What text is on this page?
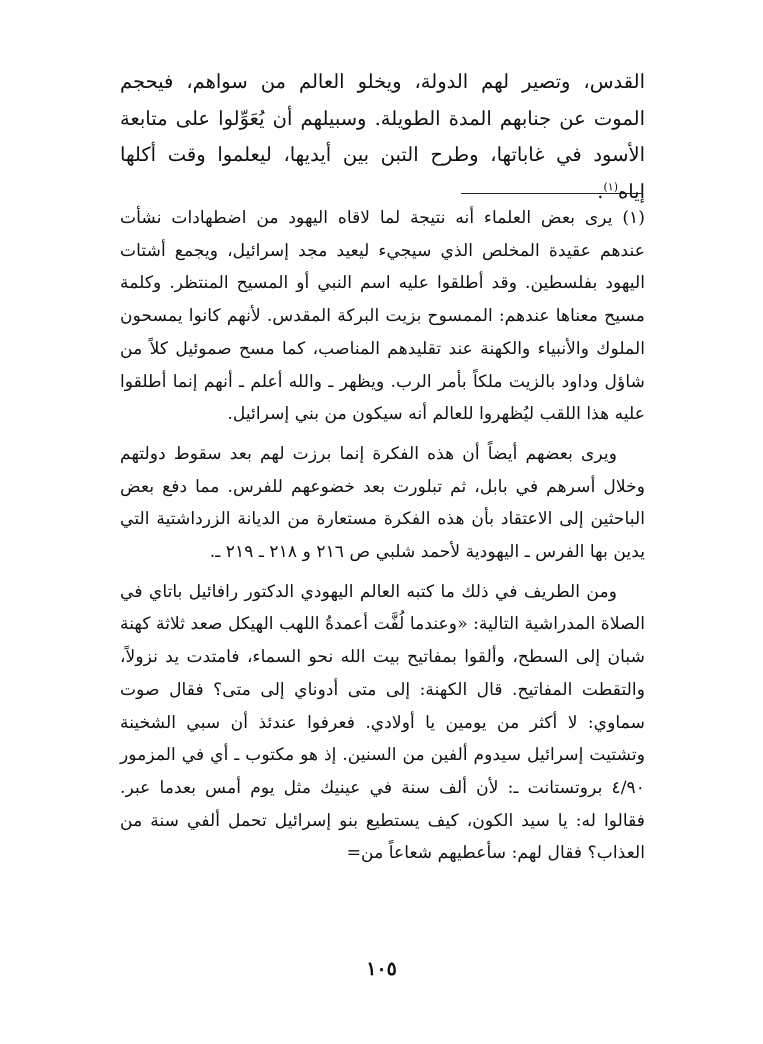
القدس، وتصير لهم الدولة، ويخلو العالم من سواهم، فيحجم الموت عن جنابهم المدة الطويلة. وسبيلهم أن يُعَوِّلوا على متابعة الأسود في غاباتها، وطرح التبن بين أيديها، ليعلموا وقت أكلها إياه$^{(١)}$.

(١) يرى بعض العلماء أنه نتيجة لما لاقاه اليهود من اضطهادات نشأت عندهم عقيدة المخلص الذي سيجيء ليعيد مجد إسرائيل، ويجمع أشتات اليهود بفلسطين. وقد أطلقوا عليه اسم النبي أو المسيح المنتظر. وكلمة مسيح معناها عندهم: الممسوح بزيت البركة المقدس. لأنهم كانوا يمسحون الملوك والأنبياء والكهنة عند تقليدهم المناصب، كما مسح صموئيل كلاً من شاؤل وداود بالزيت ملكاً بأمر الرب. ويظهر ـ والله أعلم ـ أنهم إنما أطلقوا عليه هذا اللقب ليُظهروا للعالم أنه سيكون من بني إسرائيل.

ويرى بعضهم أيضاً أن هذه الفكرة إنما برزت لهم بعد سقوط دولتهم وخلال أسرهم في بابل، ثم تبلورت بعد خضوعهم للفرس. مما دفع بعض الباحثين إلى الاعتقاد بأن هذه الفكرة مستعارة من الديانة الزرداشتية التي يدين بها الفرس ـ اليهودية لأحمد شلبي ص ٢١٦ و ٢١٨ ـ ٢١٩ ـ.

ومن الطريف في ذلك ما كتبه العالم اليهودي الدكتور رافائيل باتاي في الصلاة المدراشية التالية: «وعندما لُفَّت أعمدةُ اللهب الهيكل صعد ثلاثة كهنة شبان إلى السطح، وألقوا بمفاتيح بيت الله نحو السماء، فامتدت يد نزولاً، والتقطت المفاتيح. قال الكهنة: إلى متى أدوناي إلى متى؟ فقال صوت سماوي: لا أكثر من يومين يا أولادي. فعرفوا عندئذ أن سبي الشخينة وتشتيت إسرائيل سيدوم ألفين من السنين. إذ هو مكتوب ـ أي في المزمور ٤/٩٠ بروتستانت ـ: لأن ألف سنة في عينيك مثل يوم أمس بعدما عبر. فقالوا له: يا سيد الكون، كيف يستطيع بنو إسرائيل تحمل ألفي سنة من العذاب؟ فقال لهم: سأعطيهم شعاعاً من=

١٠٥
